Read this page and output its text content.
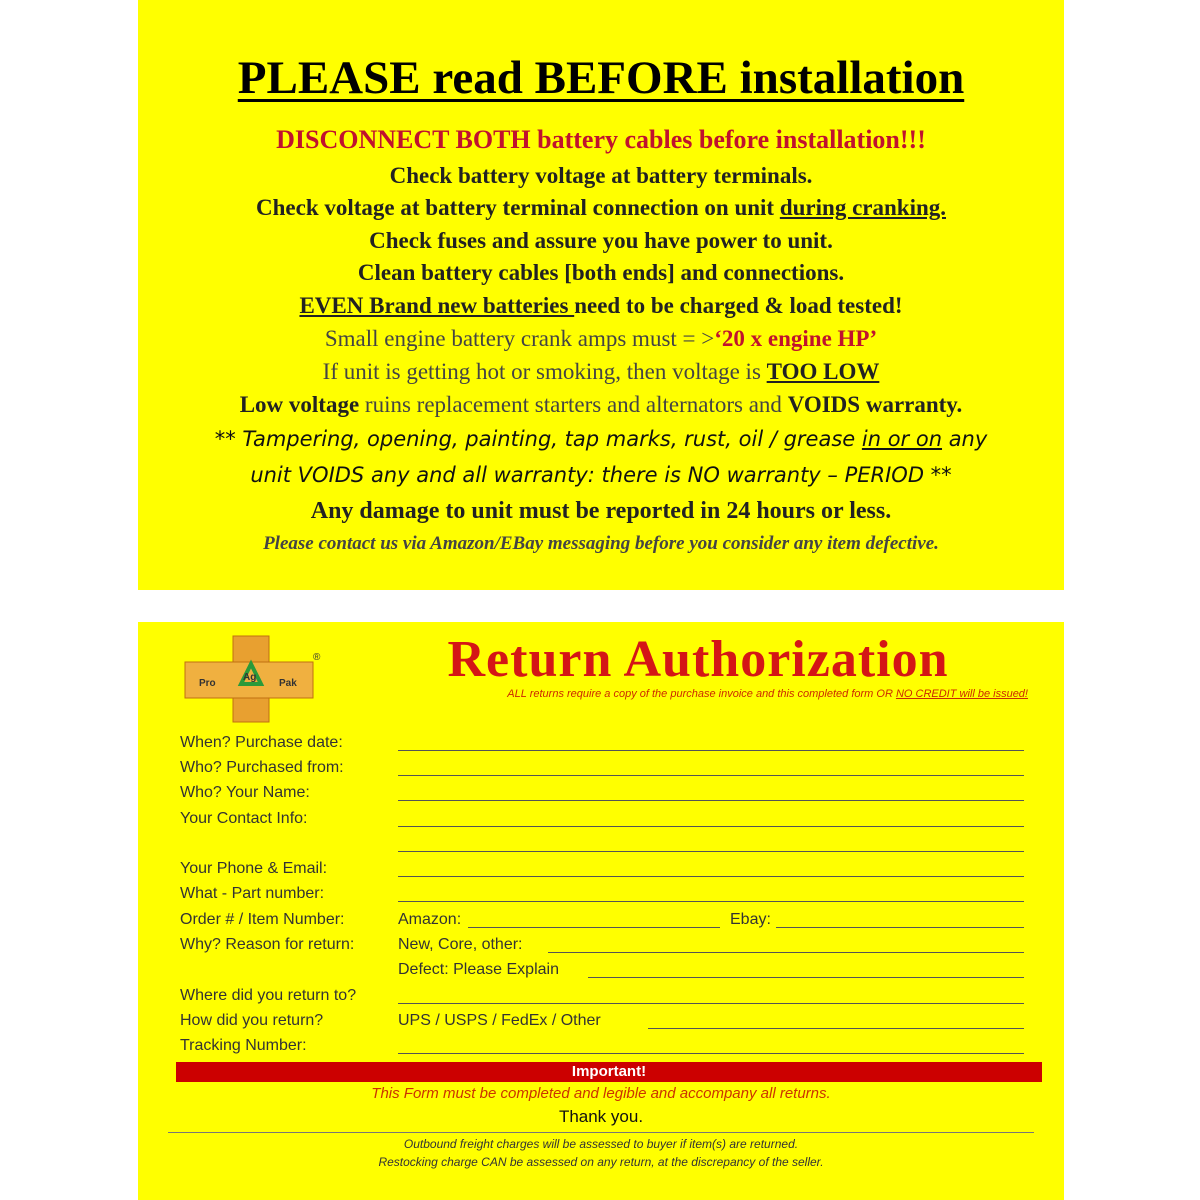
PLEASE read BEFORE installation
DISCONNECT BOTH battery cables before installation!!!
Check battery voltage at battery terminals.
Check voltage at battery terminal connection on unit during cranking.
Check fuses and assure you have power to unit.
Clean battery cables [both ends] and connections.
EVEN Brand new batteries need to be charged & load tested!
Small engine battery crank amps must = >‘20 x engine HP’
If unit is getting hot or smoking, then voltage is TOO LOW
Low voltage ruins replacement starters and alternators and VOIDS warranty.
** Tampering, opening, painting, tap marks, rust, oil / grease in or on any
unit VOIDS any and all warranty: there is NO warranty – PERIOD **
Any damage to unit must be reported in 24 hours or less.
Please contact us via Amazon/EBay messaging before you consider any item defective.
Pro
Ag
Pak
®	Return Authorization
ALL returns require a copy of the purchase invoice and this completed form OR NO CREDIT will be issued!
When? Purchase date:
Who? Purchased from:
Who? Your Name:
Your Contact Info:
Your Phone & Email:
What - Part number:
Order # / Item Number:	Amazon:	Ebay:
Why? Reason for return:	New, Core, other:
Defect: Please Explain
Where did you return to?
How did you return?	UPS / USPS / FedEx / Other
Tracking Number:
Important!
This Form must be completed and legible and accompany all returns.
Thank you.
Outbound freight charges will be assessed to buyer if item(s) are returned.
Restocking charge CAN be assessed on any return, at the discrepancy of the seller.
